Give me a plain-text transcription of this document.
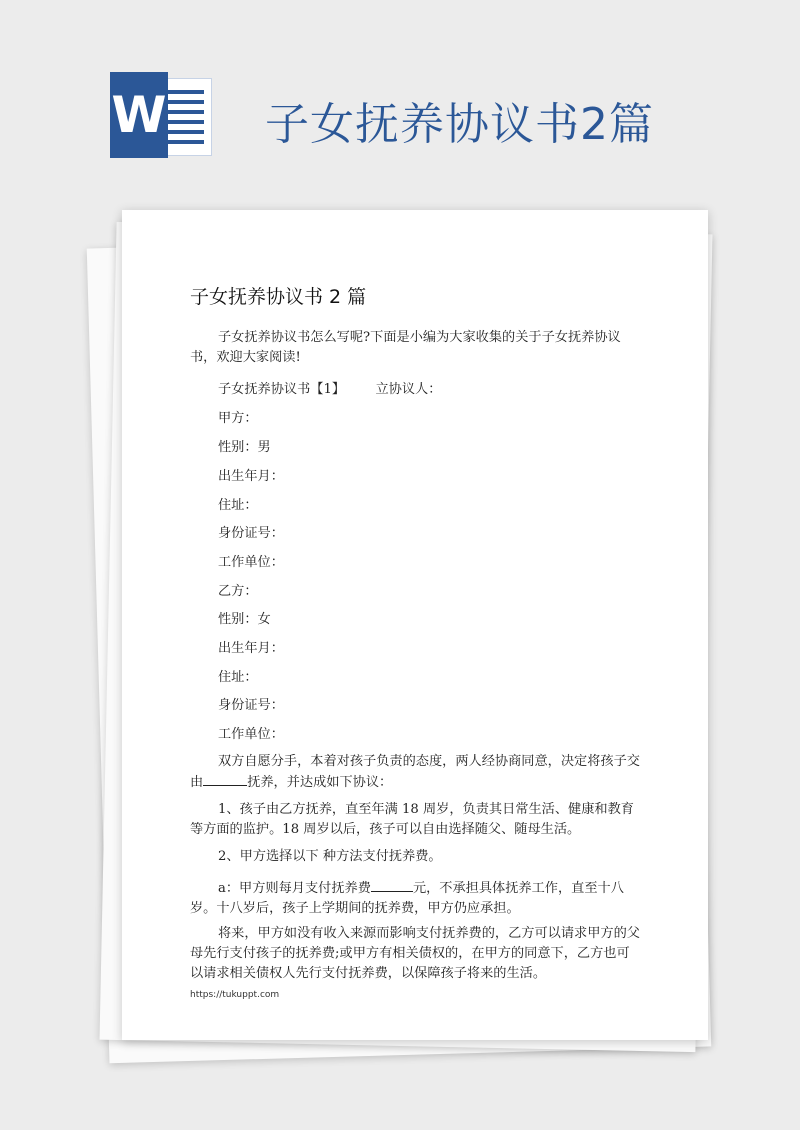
W 子女抚养协议书2篇
子女抚养协议书 2 篇

子女抚养协议书怎么写呢?下面是小编为大家收集的关于子女抚养协议书，欢迎大家阅读!

子女抚养协议书【1】 立协议人：
甲方：
性别：男
出生年月：
住址：
身份证号：
工作单位：
乙方：
性别：女
出生年月：
住址：
身份证号：
工作单位：

双方自愿分手，本着对孩子负责的态度，两人经协商同意，决定将孩子交由	抚养，并达成如下协议：

1、孩子由乙方抚养，直至年满 18 周岁，负责其日常生活、健康和教育等方面的监护。18 周岁以后，孩子可以自由选择随父、随母生活。

2、甲方选择以下 种方法支付抚养费。

a：甲方则每月支付抚养费	元，不承担具体抚养工作，直至十八岁。十八岁后，孩子上学期间的抚养费，甲方仍应承担。

将来，甲方如没有收入来源而影响支付抚养费的，乙方可以请求甲方的父母先行支付孩子的抚养费;或甲方有相关债权的，在甲方的同意下，乙方也可以请求相关债权人先行支付抚养费，以保障孩子将来的生活。

https://tukuppt.com
